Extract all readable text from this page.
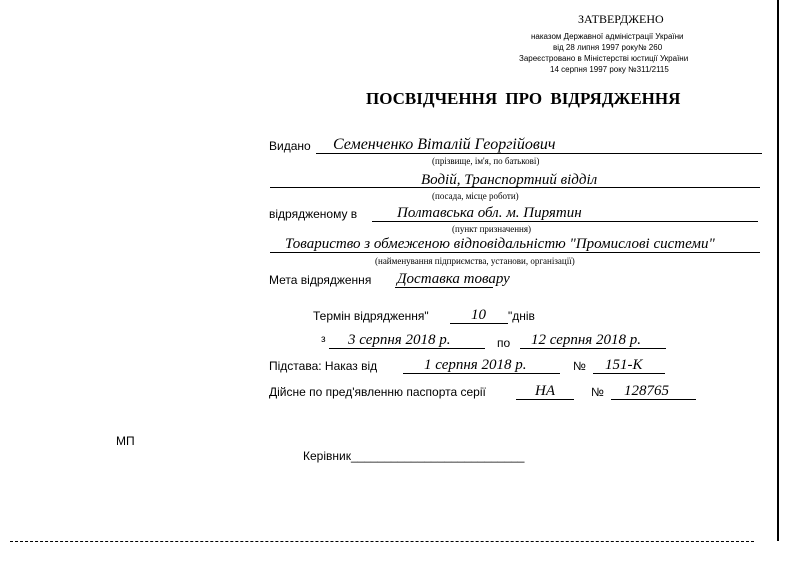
ЗАТВЕРДЖЕНО
наказом Державної адміністрації України
від 28 липня 1997 року№ 260
Зареєстровано в Міністерстві юстиції України
14 серпня 1997 року №311/2115
ПОСВІДЧЕННЯ ПРО ВІДРЯДЖЕННЯ
Видано Семенченко Віталій Георгійович
(прізвище, ім'я, по батькові)
Водій, Транспортний відділ
(посада, місце роботи)
відрядженому в	Полтавська обл. м. Пирятин
(пункт призначення)
Товариство з обмеженою відповідальністю "Промислові системи"
(найменування підприємства, установи, організації)
Мета відрядження Доставка товару
Термін відрядження"	10 "днів
з 3 серпня 2018 р.	по 12 серпня 2018 р.
Підстава: Наказ від	1 серпня 2018 р.	№ 151-К
Дійсне по пред'явленню паспорта серії	НА	№ 128765
МП
Керівник__________________________
